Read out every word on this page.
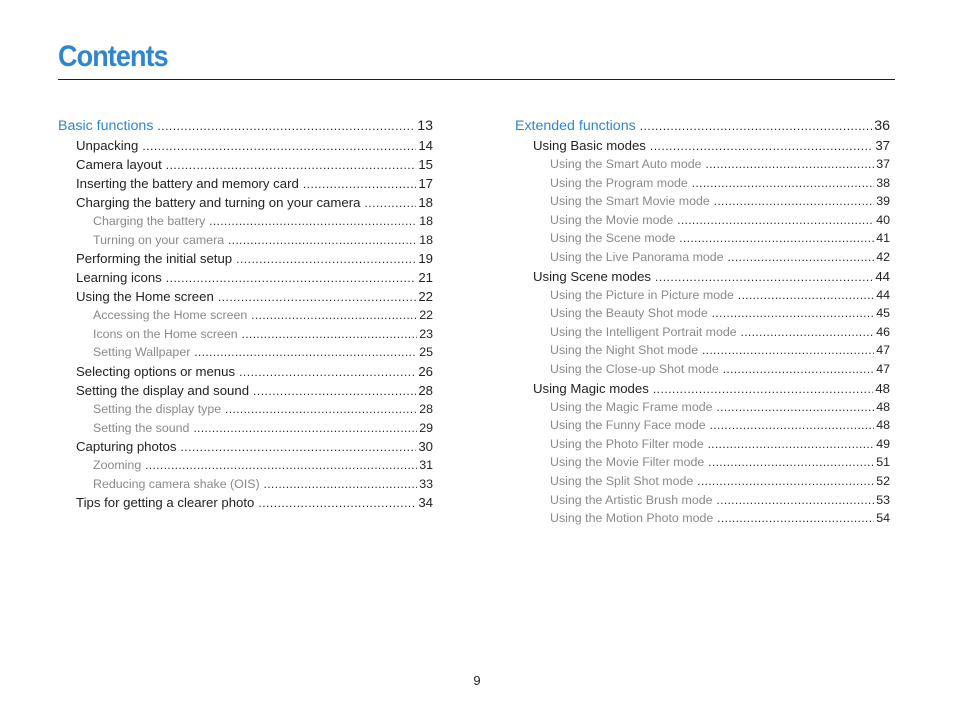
Contents
Basic functions .....	13
Unpacking .....	14
Camera layout .....	15
Inserting the battery and memory card .....	17
Charging the battery and turning on your camera .....	18
Charging the battery .....	18
Turning on your camera .....	18
Performing the initial setup .....	19
Learning icons .....	21
Using the Home screen .....	22
Accessing the Home screen .....	22
Icons on the Home screen .....	23
Setting Wallpaper .....	25
Selecting options or menus .....	26
Setting the display and sound .....	28
Setting the display type .....	28
Setting the sound .....	29
Capturing photos .....	30
Zooming .....	31
Reducing camera shake (OIS) .....	33
Tips for getting a clearer photo .....	34
Extended functions .....	36
Using Basic modes .....	37
Using the Smart Auto mode .....	37
Using the Program mode .....	38
Using the Smart Movie mode .....	39
Using the Movie mode .....	40
Using the Scene mode .....	41
Using the Live Panorama mode .....	42
Using Scene modes .....	44
Using the Picture in Picture mode .....	44
Using the Beauty Shot mode .....	45
Using the Intelligent Portrait mode .....	46
Using the Night Shot mode .....	47
Using the Close-up Shot mode .....	47
Using Magic modes .....	48
Using the Magic Frame mode .....	48
Using the Funny Face mode .....	48
Using the Photo Filter mode .....	49
Using the Movie Filter mode .....	51
Using the Split Shot mode .....	52
Using the Artistic Brush mode .....	53
Using the Motion Photo mode .....	54
9
